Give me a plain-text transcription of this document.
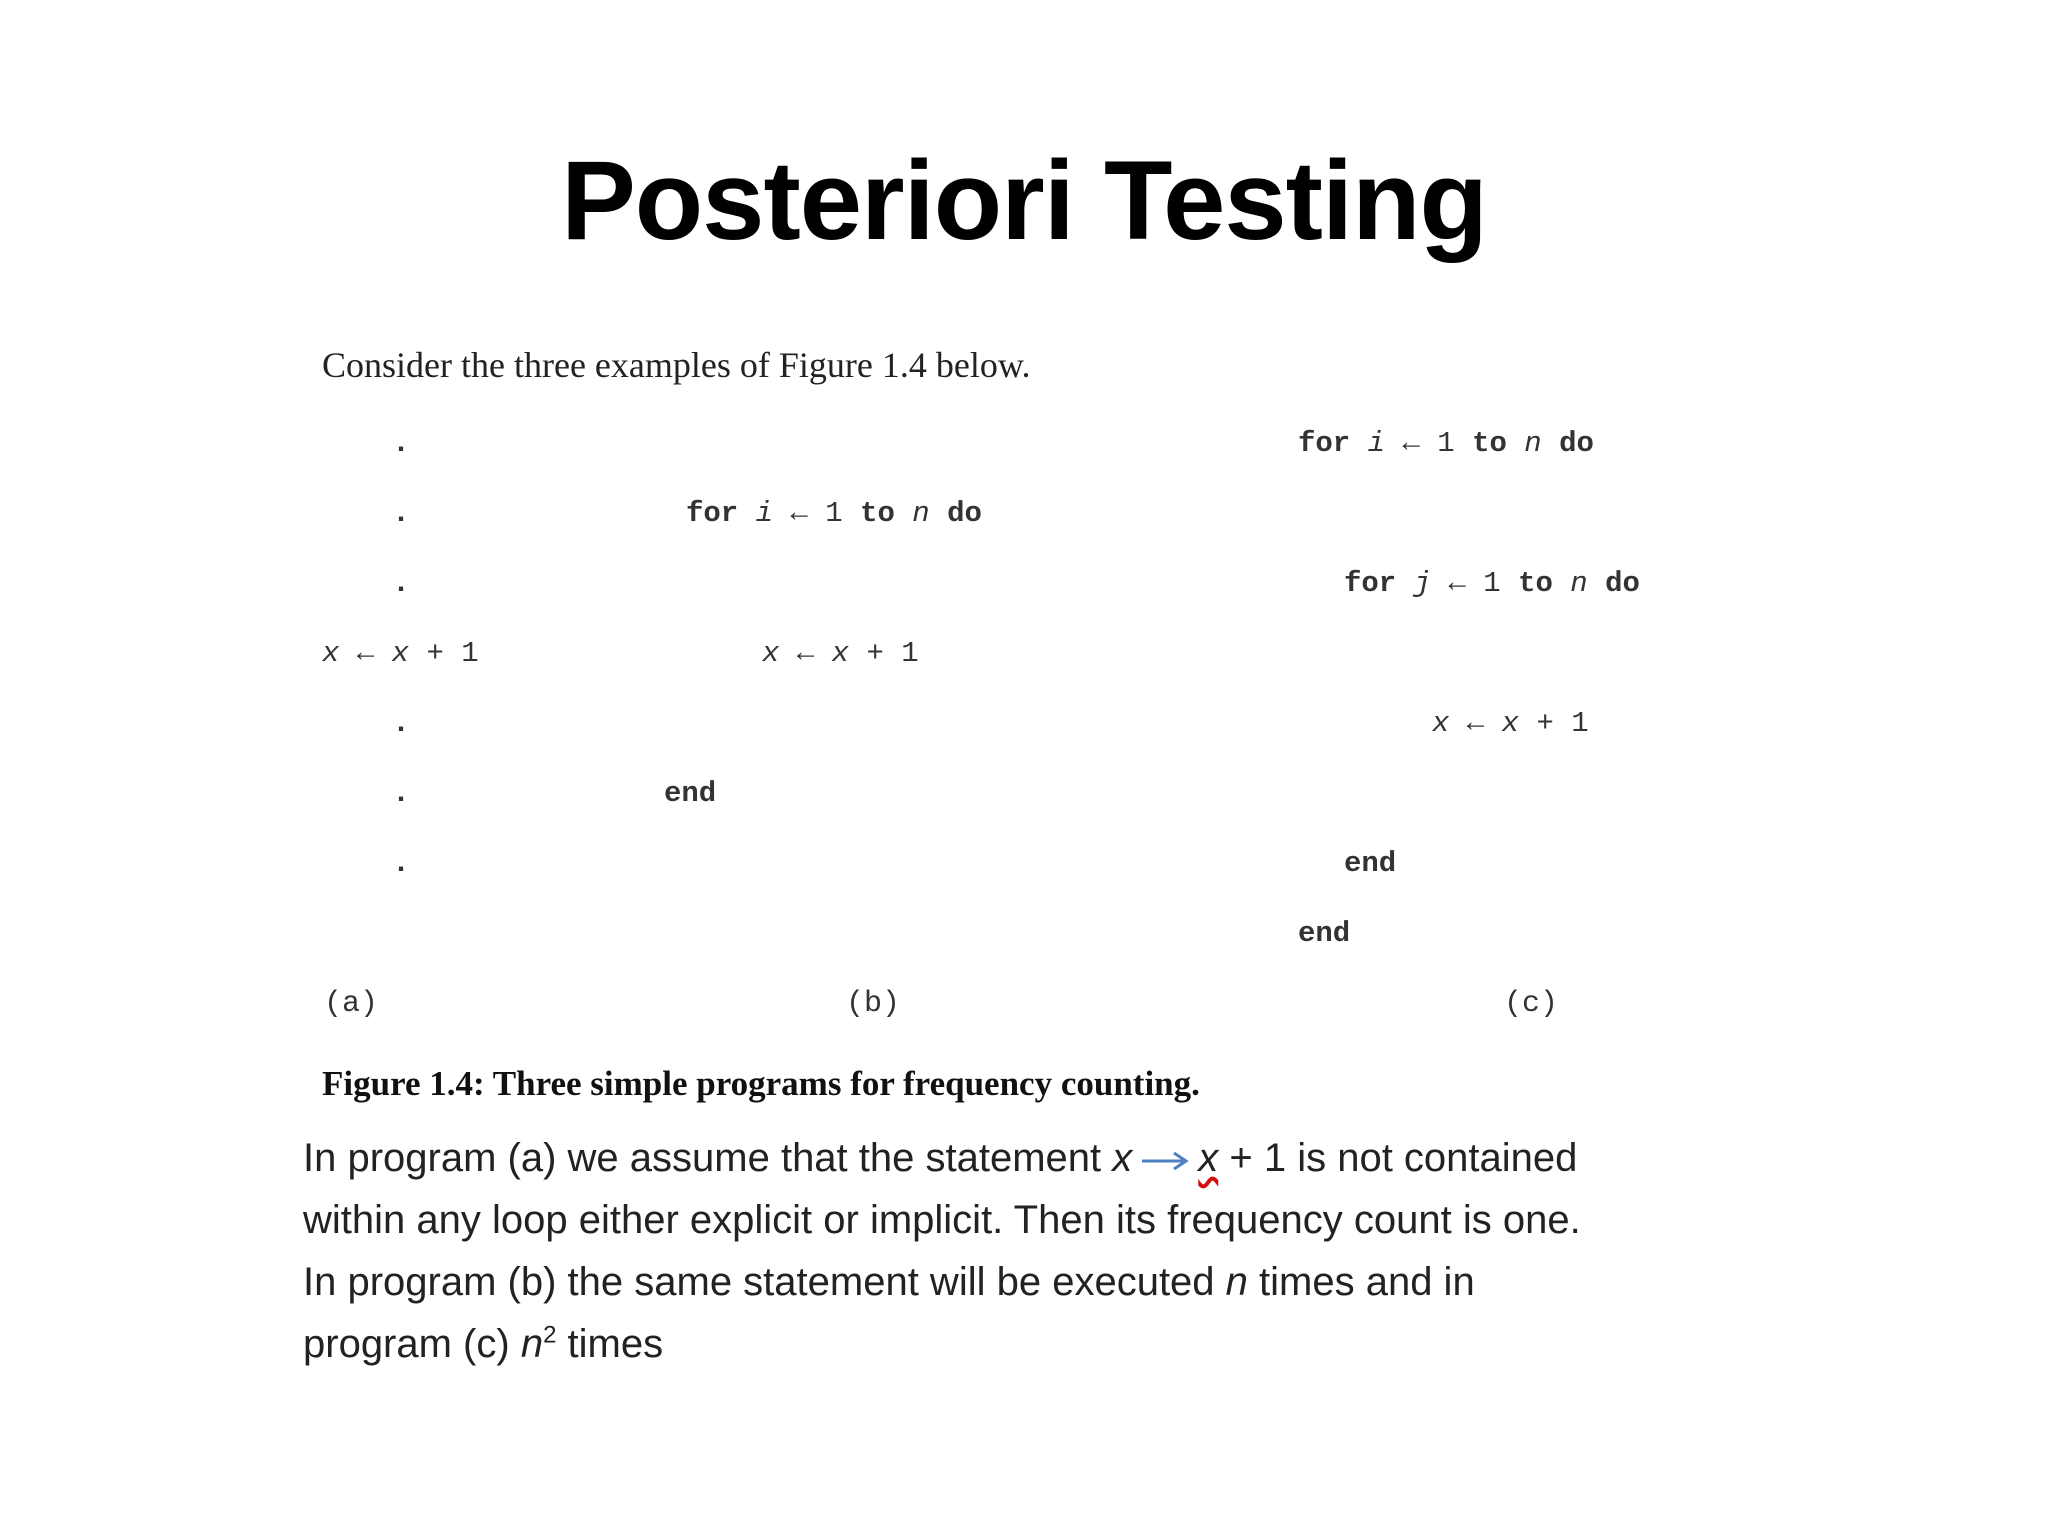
Posteriori Testing
Consider the three examples of Figure 1.4 below.
.
.
.
x ← x + 1
.
.
.
for i ← 1 to n do
x ← x + 1
end
for i ← 1 to n do
for j ← 1 to n do
x ← x + 1
end
end
(a)	(b)	(c)
Figure 1.4: Three simple programs for frequency counting.
In program (a) we assume that the statement x x + 1 is not contained
within any loop either explicit or implicit. Then its frequency count is one.
In program (b) the same statement will be executed n times and in
program (c) $n^2$ times
